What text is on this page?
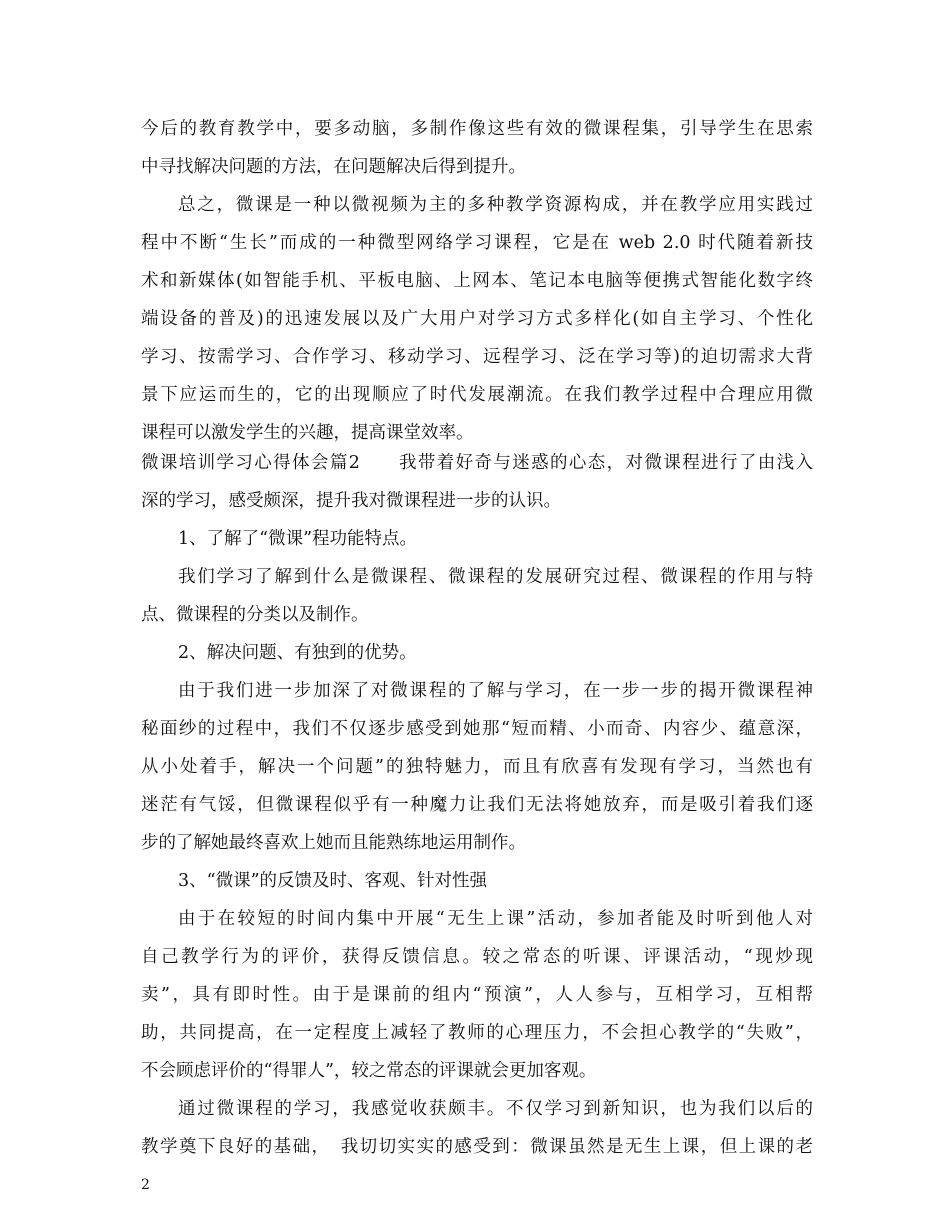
今后的教育教学中，要多动脑，多制作像这些有效的微课程集，引导学生在思索
中寻找解决问题的方法，在问题解决后得到提升。
总之，微课是一种以微视频为主的多种教学资源构成，并在教学应用实践过
程中不断“生长”而成的一种微型网络学习课程，它是在 web 2.0 时代随着新技
术和新媒体(如智能手机、平板电脑、上网本、笔记本电脑等便携式智能化数字终
端设备的普及)的迅速发展以及广大用户对学习方式多样化(如自主学习、个性化
学习、按需学习、合作学习、移动学习、远程学习、泛在学习等)的迫切需求大背
景下应运而生的，它的出现顺应了时代发展潮流。在我们教学过程中合理应用微
课程可以激发学生的兴趣，提高课堂效率。
微课培训学习心得体会篇2　　我带着好奇与迷惑的心态，对微课程进行了由浅入
深的学习，感受颇深，提升我对微课程进一步的认识。
1、了解了“微课”程功能特点。
我们学习了解到什么是微课程、微课程的发展研究过程、微课程的作用与特
点、微课程的分类以及制作。
2、解决问题、有独到的优势。
由于我们进一步加深了对微课程的了解与学习，在一步一步的揭开微课程神
秘面纱的过程中，我们不仅逐步感受到她那“短而精、小而奇、内容少、蕴意深，
从小处着手，解决一个问题”的独特魅力，而且有欣喜有发现有学习，当然也有
迷茫有气馁，但微课程似乎有一种魔力让我们无法将她放弃，而是吸引着我们逐
步的了解她最终喜欢上她而且能熟练地运用制作。
3、“微课”的反馈及时、客观、针对性强
由于在较短的时间内集中开展“无生上课”活动，参加者能及时听到他人对
自己教学行为的评价，获得反馈信息。较之常态的听课、评课活动，“现炒现
卖”，具有即时性。由于是课前的组内“预演”，人人参与，互相学习，互相帮
助，共同提高，在一定程度上减轻了教师的心理压力，不会担心教学的“失败”，
不会顾虑评价的“得罪人”，较之常态的评课就会更加客观。
通过微课程的学习，我感觉收获颇丰。不仅学习到新知识，也为我们以后的
教学奠下良好的基础，　我切切实实的感受到：微课虽然是无生上课，但上课的老
2
